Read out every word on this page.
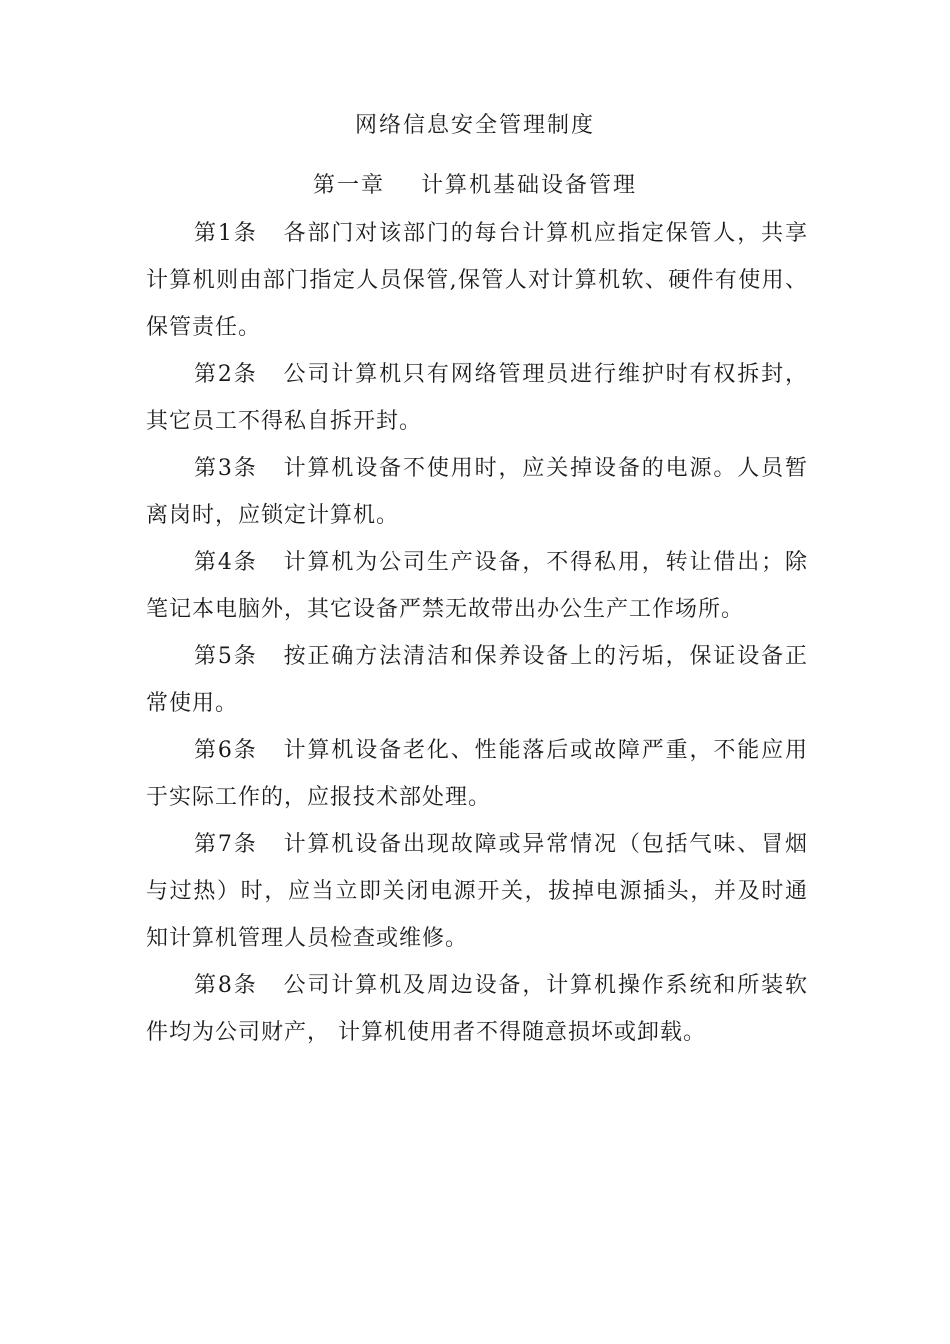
网络信息安全管理制度
第一章    计算机基础设备管理

第1条 各部门对该部门的每台计算机应指定保管人，共享计算机则由部门指定人员保管,保管人对计算机软、硬件有使用、保管责任。

第2条 公司计算机只有网络管理员进行维护时有权拆封，其它员工不得私自拆开封。

第3条 计算机设备不使用时，应关掉设备的电源。人员暂离岗时，应锁定计算机。

第4条 计算机为公司生产设备，不得私用，转让借出；除笔记本电脑外，其它设备严禁无故带出办公生产工作场所。

第5条 按正确方法清洁和保养设备上的污垢，保证设备正常使用。

第6条 计算机设备老化、性能落后或故障严重，不能应用于实际工作的，应报技术部处理。

第7条 计算机设备出现故障或异常情况（包括气味、冒烟与过热）时，应当立即关闭电源开关，拔掉电源插头，并及时通知计算机管理人员检查或维修。

第8条 公司计算机及周边设备，计算机操作系统和所装软件均为公司财产， 计算机使用者不得随意损坏或卸载。
